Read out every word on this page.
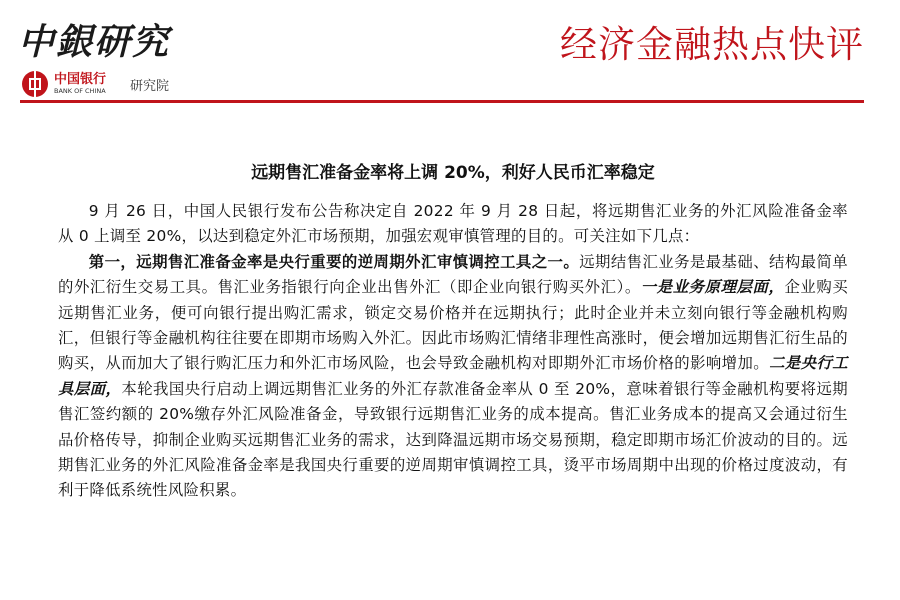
中銀研究	经济金融热点快评
中国银行
BANK OF CHINA 研究院
远期售汇准备金率将上调 20%，利好人民币汇率稳定

9 月 26 日，中国人民银行发布公告称决定自 2022 年 9 月 28 日起，将远期售汇业务的外汇风险准备金率从 0 上调至 20%，以达到稳定外汇市场预期，加强宏观审慎管理的目的。可关注如下几点：

第一，远期售汇准备金率是央行重要的逆周期外汇审慎调控工具之一。远期结售汇业务是最基础、结构最简单的外汇衍生交易工具。售汇业务指银行向企业出售外汇（即企业向银行购买外汇）。一是业务原理层面，企业购买远期售汇业务，便可向银行提出购汇需求，锁定交易价格并在远期执行；此时企业并未立刻向银行等金融机构购汇，但银行等金融机构往往要在即期市场购入外汇。因此市场购汇情绪非理性高涨时，便会增加远期售汇衍生品的购买，从而加大了银行购汇压力和外汇市场风险，也会导致金融机构对即期外汇市场价格的影响增加。二是央行工具层面，本轮我国央行启动上调远期售汇业务的外汇存款准备金率从 0 至 20%，意味着银行等金融机构要将远期售汇签约额的 20%缴存外汇风险准备金，导致银行远期售汇业务的成本提高。售汇业务成本的提高又会通过衍生品价格传导，抑制企业购买远期售汇业务的需求，达到降温远期市场交易预期，稳定即期市场汇价波动的目的。远期售汇业务的外汇风险准备金率是我国央行重要的逆周期审慎调控工具，烫平市场周期中出现的价格过度波动，有利于降低系统性风险积累。
